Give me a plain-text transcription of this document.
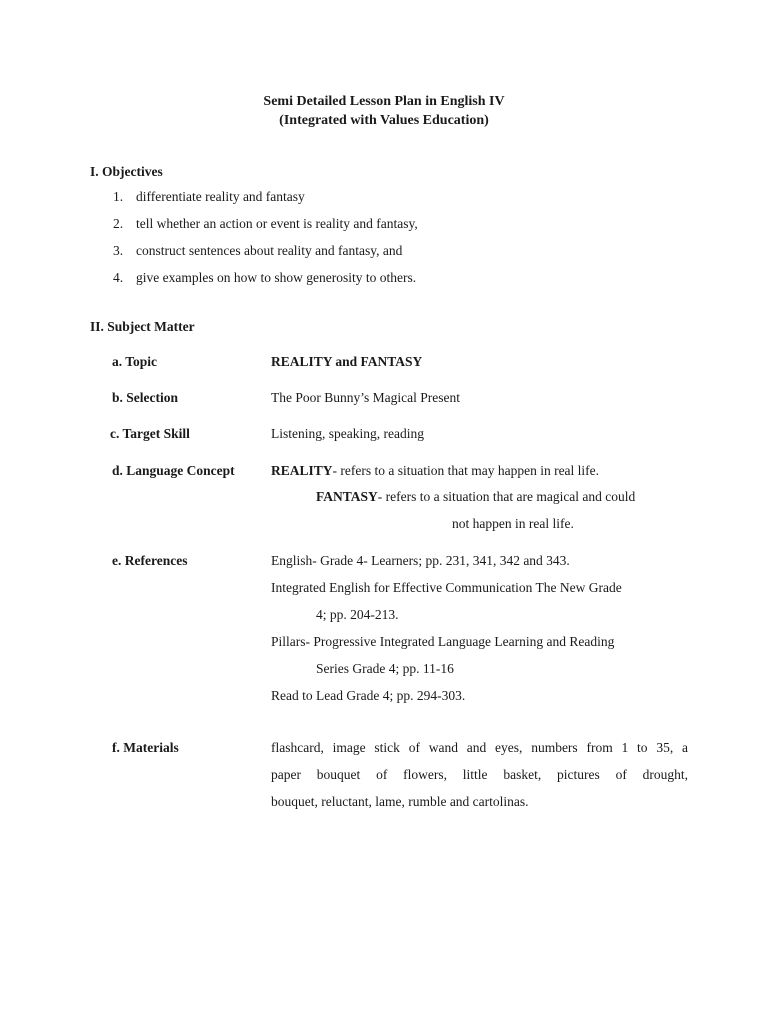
Semi Detailed Lesson Plan in English IV
(Integrated with Values Education)
I. Objectives
1. differentiate reality and fantasy
2. tell whether an action or event is reality and fantasy,
3. construct sentences about reality and fantasy, and
4. give examples on how to show generosity to others.
II. Subject Matter
a. Topic	REALITY and FANTASY
b. Selection	The Poor Bunny’s Magical Present
c. Target Skill	Listening, speaking, reading
d. Language Concept	REALITY- refers to a situation that may happen in real life.
FANTASY- refers to a situation that are magical and could
not happen in real life.
e. References	English- Grade 4- Learners; pp. 231, 341, 342 and 343.
Integrated English for Effective Communication The New Grade
4; pp. 204-213.
Pillars- Progressive Integrated Language Learning and Reading
Series Grade 4; pp. 11-16
Read to Lead Grade 4; pp. 294-303.
f. Materials	flashcard, image stick of wand and eyes, numbers from 1 to 35, a
paper bouquet of flowers, little basket, pictures of drought,
bouquet, reluctant, lame, rumble and cartolinas.
